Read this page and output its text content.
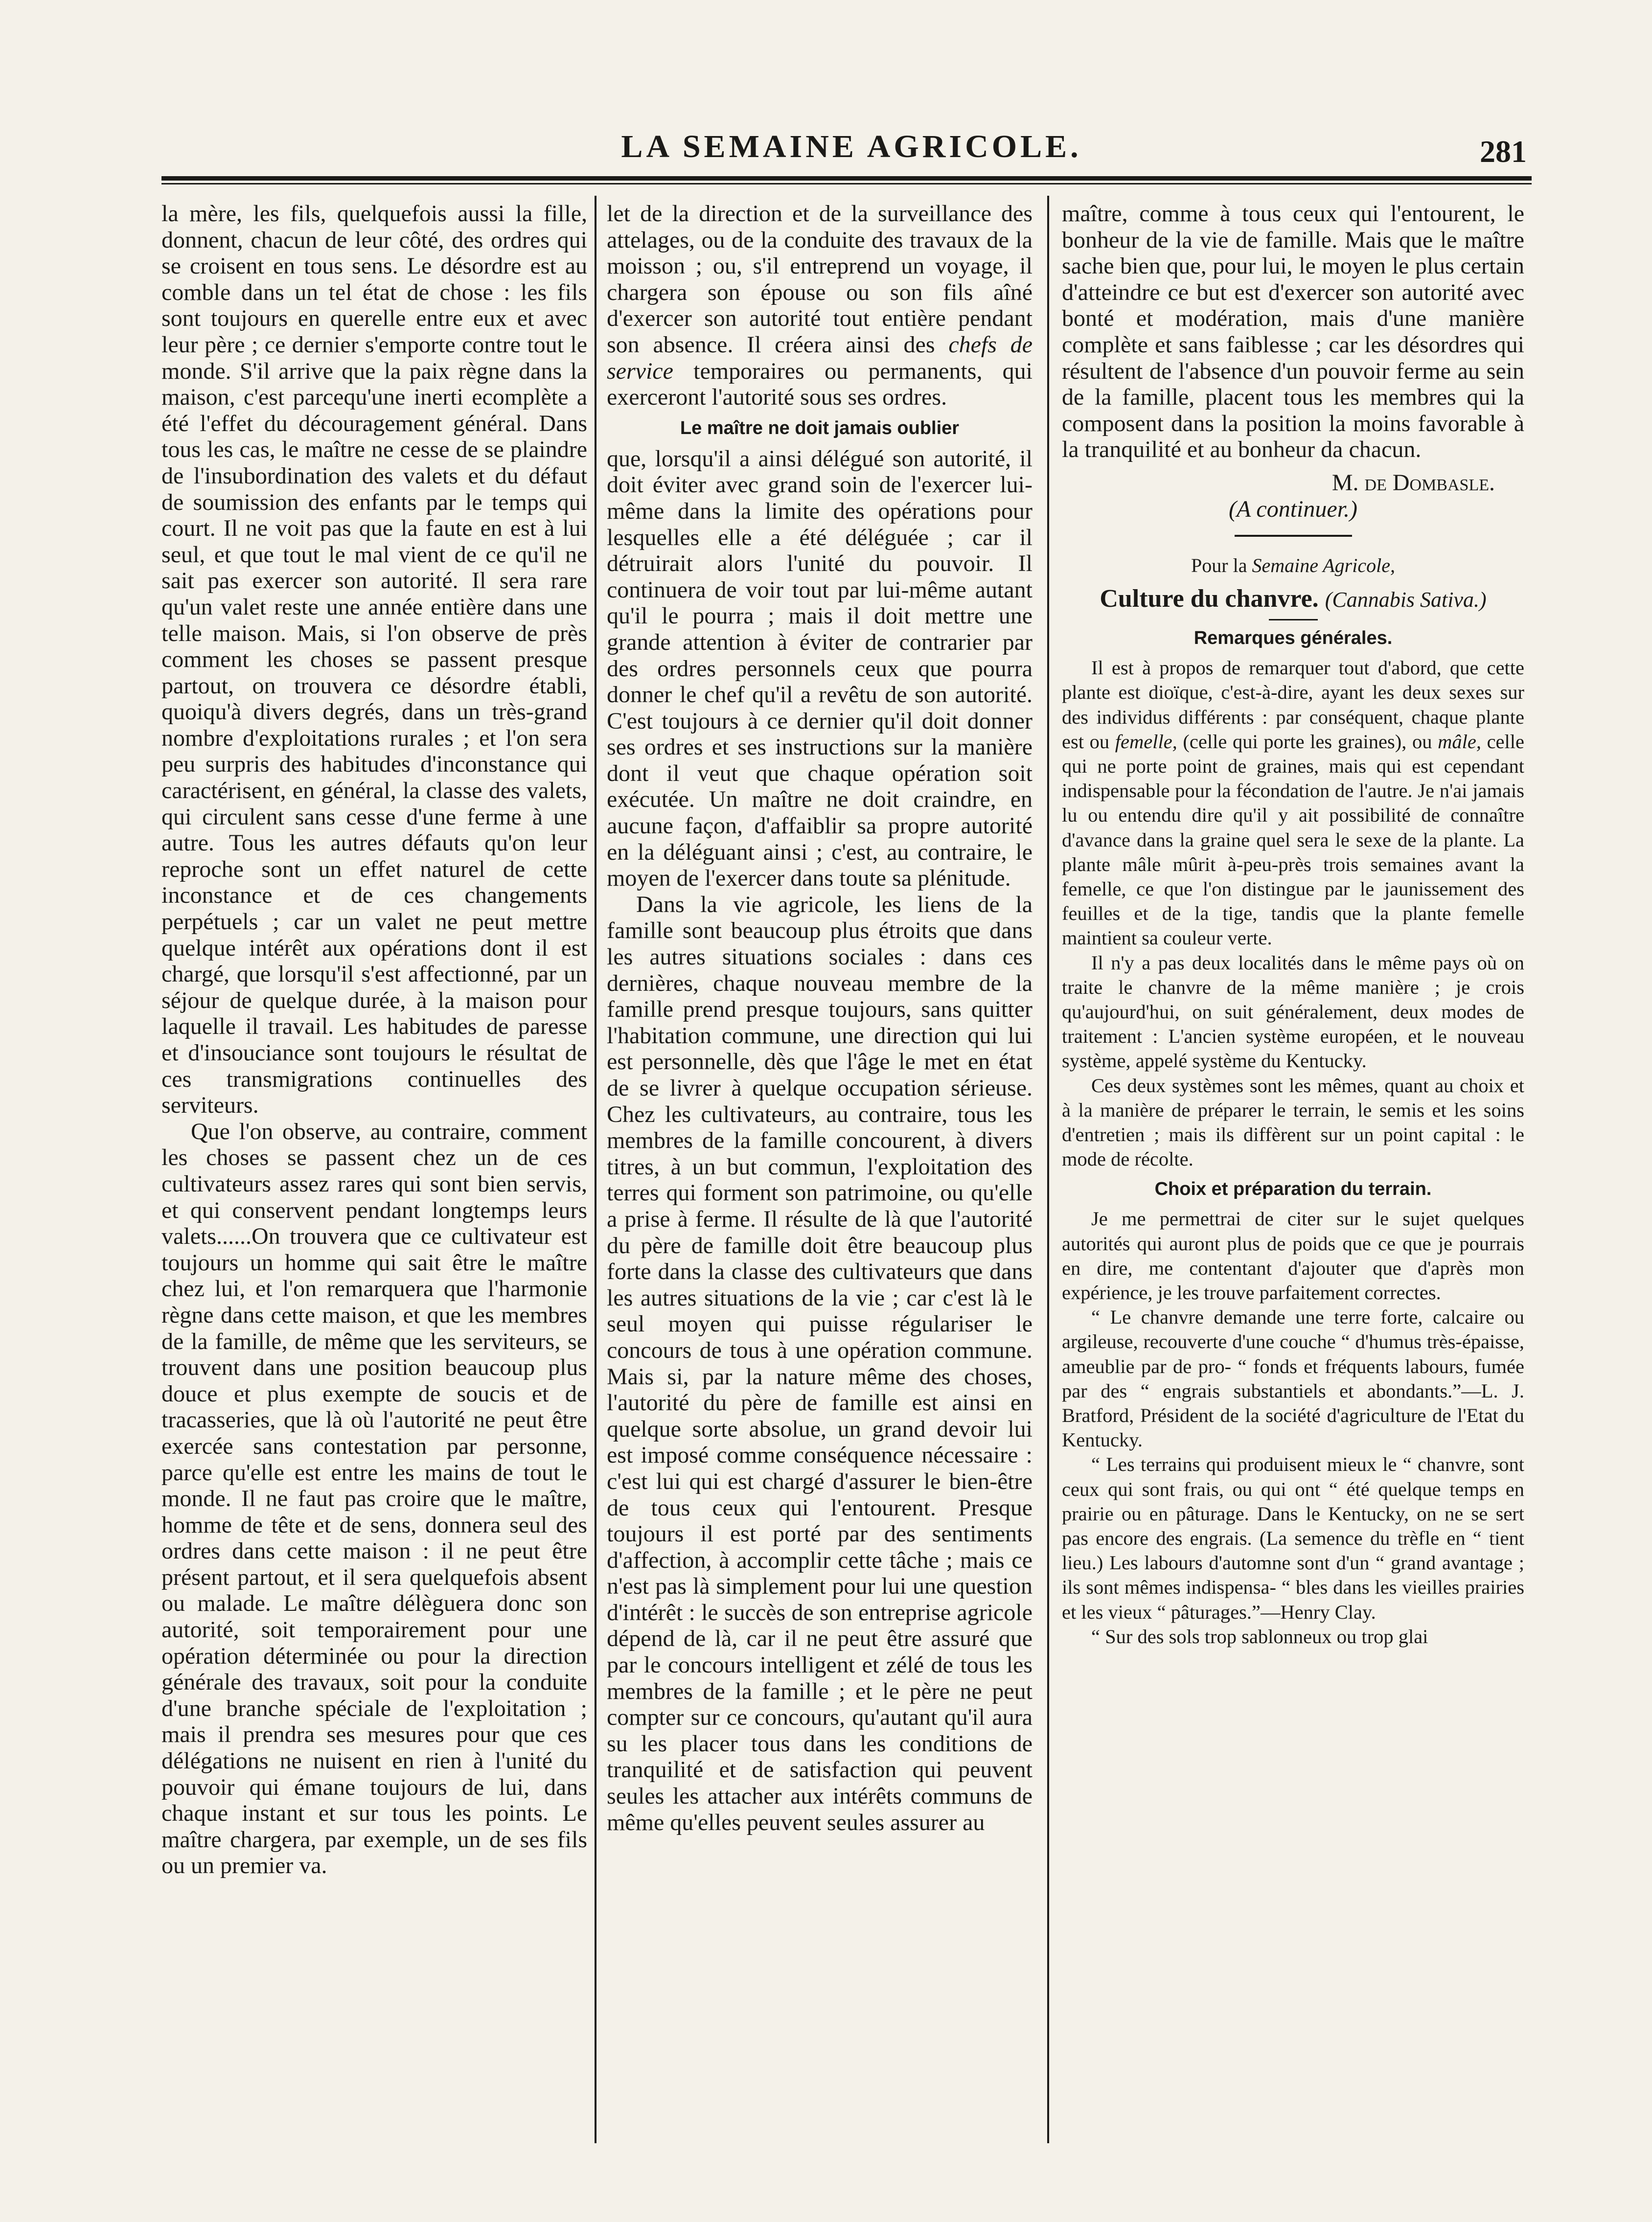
LA SEMAINE AGRICOLE.	281

la mère, les fils, quelquefois aussi la fille, donnent, chacun de leur côté, des ordres qui se croisent en tous sens. Le désordre est au comble dans un tel état de chose : les fils sont toujours en querelle entre eux et avec leur père ; ce dernier s'emporte contre tout le monde. S'il arrive que la paix règne dans la maison, c'est parcequ'une inerti ecomplète a été l'effet du découragement général. Dans tous les cas, le maître ne cesse de se plaindre de l'insubordination des valets et du défaut de soumission des enfants par le temps qui court. Il ne voit pas que la faute en est à lui seul, et que tout le mal vient de ce qu'il ne sait pas exercer son autorité. Il sera rare qu'un valet reste une année entière dans une telle maison. Mais, si l'on observe de près comment les choses se passent presque partout, on trouvera ce désordre établi, quoiqu'à divers degrés, dans un très-grand nombre d'exploitations rurales ; et l'on sera peu surpris des habitudes d'inconstance qui caractérisent, en général, la classe des valets, qui circulent sans cesse d'une ferme à une autre. Tous les autres défauts qu'on leur reproche sont un effet naturel de cette inconstance et de ces changements perpétuels ; car un valet ne peut mettre quelque intérêt aux opérations dont il est chargé, que lorsqu'il s'est affectionné, par un séjour de quelque durée, à la maison pour laquelle il travail. Les habitudes de paresse et d'insouciance sont toujours le résultat de ces transmigrations continuelles des serviteurs.

Que l'on observe, au contraire, comment les choses se passent chez un de ces cultivateurs assez rares qui sont bien servis, et qui conservent pendant longtemps leurs valets......On trouvera que ce cultivateur est toujours un homme qui sait être le maître chez lui, et l'on remarquera que l'harmonie règne dans cette maison, et que les membres de la famille, de même que les serviteurs, se trouvent dans une position beaucoup plus douce et plus exempte de soucis et de tracasseries, que là où l'autorité ne peut être exercée sans contestation par personne, parce qu'elle est entre les mains de tout le monde. Il ne faut pas croire que le maître, homme de tête et de sens, donnera seul des ordres dans cette maison : il ne peut être présent partout, et il sera quelquefois absent ou malade. Le maître délèguera donc son autorité, soit temporairement pour une opération déterminée ou pour la direction générale des travaux, soit pour la conduite d'une branche spéciale de l'exploitation ; mais il prendra ses mesures pour que ces délégations ne nuisent en rien à l'unité du pouvoir qui émane toujours de lui, dans chaque instant et sur tous les points. Le maître chargera, par exemple, un de ses fils ou un premier va.

let de la direction et de la surveillance des attelages, ou de la conduite des travaux de la moisson ; ou, s'il entreprend un voyage, il chargera son épouse ou son fils aîné d'exercer son autorité tout entière pendant son absence. Il créera ainsi des chefs de service temporaires ou permanents, qui exerceront l'autorité sous ses ordres.

Le maître ne doit jamais oublier

que, lorsqu'il a ainsi délégué son autorité, il doit éviter avec grand soin de l'exercer lui-même dans la limite des opérations pour lesquelles elle a été déléguée ; car il détruirait alors l'unité du pouvoir. Il continuera de voir tout par lui-même autant qu'il le pourra ; mais il doit mettre une grande attention à éviter de contrarier par des ordres personnels ceux que pourra donner le chef qu'il a revêtu de son autorité. C'est toujours à ce dernier qu'il doit donner ses ordres et ses instructions sur la manière dont il veut que chaque opération soit exécutée. Un maître ne doit craindre, en aucune façon, d'affaiblir sa propre autorité en la déléguant ainsi ; c'est, au contraire, le moyen de l'exercer dans toute sa plénitude.

Dans la vie agricole, les liens de la famille sont beaucoup plus étroits que dans les autres situations sociales : dans ces dernières, chaque nouveau membre de la famille prend presque toujours, sans quitter l'habitation commune, une direction qui lui est personnelle, dès que l'âge le met en état de se livrer à quelque occupation sérieuse. Chez les cultivateurs, au contraire, tous les membres de la famille concourent, à divers titres, à un but commun, l'exploitation des terres qui forment son patrimoine, ou qu'elle a prise à ferme. Il résulte de là que l'autorité du père de famille doit être beaucoup plus forte dans la classe des cultivateurs que dans les autres situations de la vie ; car c'est là le seul moyen qui puisse régulariser le concours de tous à une opération commune. Mais si, par la nature même des choses, l'autorité du père de famille est ainsi en quelque sorte absolue, un grand devoir lui est imposé comme conséquence nécessaire : c'est lui qui est chargé d'assurer le bien-être de tous ceux qui l'entourent. Presque toujours il est porté par des sentiments d'affection, à accomplir cette tâche ; mais ce n'est pas là simplement pour lui une question d'intérêt : le succès de son entreprise agricole dépend de là, car il ne peut être assuré que par le concours intelligent et zélé de tous les membres de la famille ; et le père ne peut compter sur ce concours, qu'autant qu'il aura su les placer tous dans les conditions de tranquilité et de satisfaction qui peuvent seules les attacher aux intérêts communs de même qu'elles peuvent seules assurer au

maître, comme à tous ceux qui l'entourent, le bonheur de la vie de famille. Mais que le maître sache bien que, pour lui, le moyen le plus certain d'atteindre ce but est d'exercer son autorité avec bonté et modération, mais d'une manière complète et sans faiblesse ; car les désordres qui résultent de l'absence d'un pouvoir ferme au sein de la famille, placent tous les membres qui la composent dans la position la moins favorable à la tranquilité et au bonheur da chacun.

M. de Dombasle.

(A continuer.)

Pour la Semaine Agricole,
Culture du chanvre. (Cannabis Sativa.)
Remarques générales.

Il est à propos de remarquer tout d'abord, que cette plante est dioïque, c'est-à-dire, ayant les deux sexes sur des individus différents : par conséquent, chaque plante est ou femelle, (celle qui porte les graines), ou mâle, celle qui ne porte point de graines, mais qui est cependant indispensable pour la fécondation de l'autre. Je n'ai jamais lu ou entendu dire qu'il y ait possibilité de connaître d'avance dans la graine quel sera le sexe de la plante. La plante mâle mûrit à-peu-près trois semaines avant la femelle, ce que l'on distingue par le jaunissement des feuilles et de la tige, tandis que la plante femelle maintient sa couleur verte.

Il n'y a pas deux localités dans le même pays où on traite le chanvre de la même manière ; je crois qu'aujourd'hui, on suit généralement, deux modes de traitement : L'ancien système européen, et le nouveau système, appelé système du Kentucky.

Ces deux systèmes sont les mêmes, quant au choix et à la manière de préparer le terrain, le semis et les soins d'entretien ; mais ils diffèrent sur un point capital : le mode de récolte.

Choix et préparation du terrain.

Je me permettrai de citer sur le sujet quelques autorités qui auront plus de poids que ce que je pourrais en dire, me contentant d'ajouter que d'après mon expérience, je les trouve parfaitement correctes.

“ Le chanvre demande une terre forte, calcaire ou argileuse, recouverte d'une couche “ d'humus très-épaisse, ameublie par de pro- “ fonds et fréquents labours, fumée par des “ engrais substantiels et abondants.”—L. J. Bratford, Président de la société d'agriculture de l'Etat du Kentucky.

“ Les terrains qui produisent mieux le “ chanvre, sont ceux qui sont frais, ou qui ont “ été quelque temps en prairie ou en pâturage. Dans le Kentucky, on ne se sert pas encore des engrais. (La semence du trèfle en “ tient lieu.) Les labours d'automne sont d'un “ grand avantage ; ils sont mêmes indispensa- “ bles dans les vieilles prairies et les vieux “ pâturages.”—Henry Clay.

“ Sur des sols trop sablonneux ou trop glai
